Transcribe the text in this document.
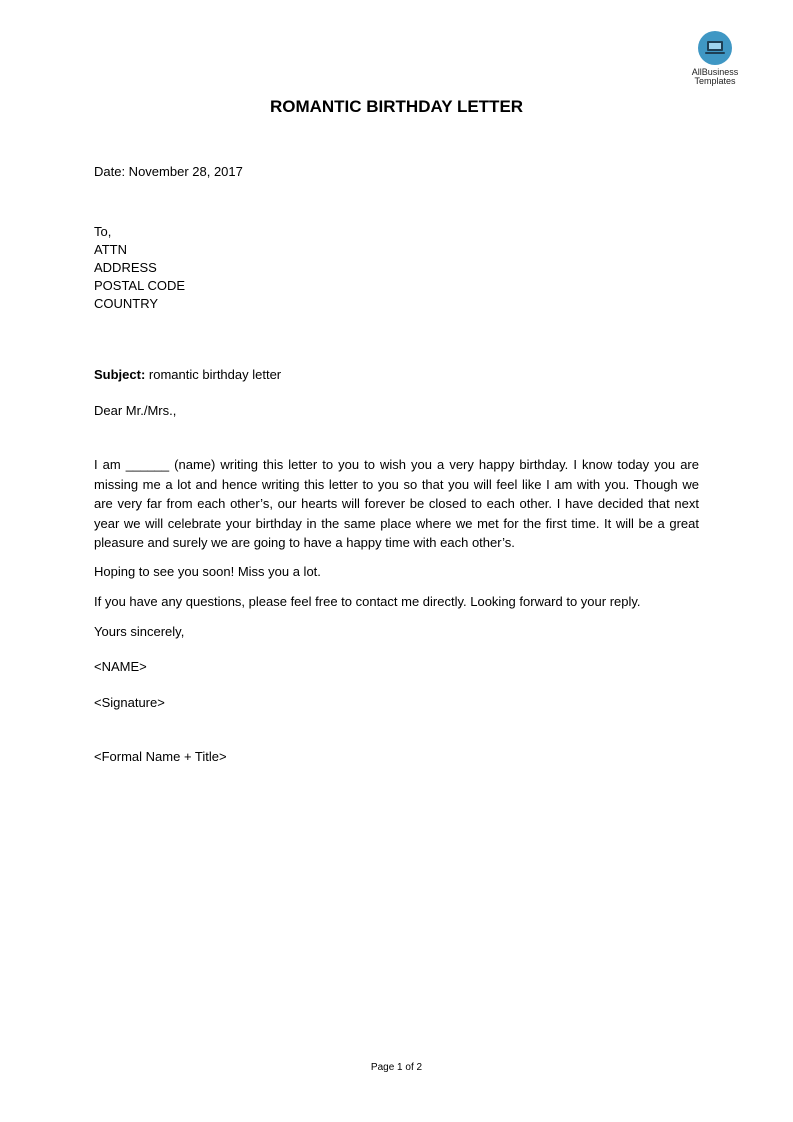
AllBusiness
Templates
ROMANTIC BIRTHDAY LETTER
Date: November 28, 2017
To,
ATTN
ADDRESS
POSTAL CODE
COUNTRY
Subject: romantic birthday letter
Dear Mr./Mrs.,
I am ______ (name) writing this letter to you to wish you a very happy birthday. I know today you are missing me a lot and hence writing this letter to you so that you will feel like I am with you. Though we are very far from each other’s, our hearts will forever be closed to each other. I have decided that next year we will celebrate your birthday in the same place where we met for the first time. It will be a great pleasure and surely we are going to have a happy time with each other’s.
Hoping to see you soon! Miss you a lot.
If you have any questions, please feel free to contact me directly. Looking forward to your reply.
Yours sincerely,
<NAME>
<Signature>
<Formal Name + Title>
Page 1 of 2
